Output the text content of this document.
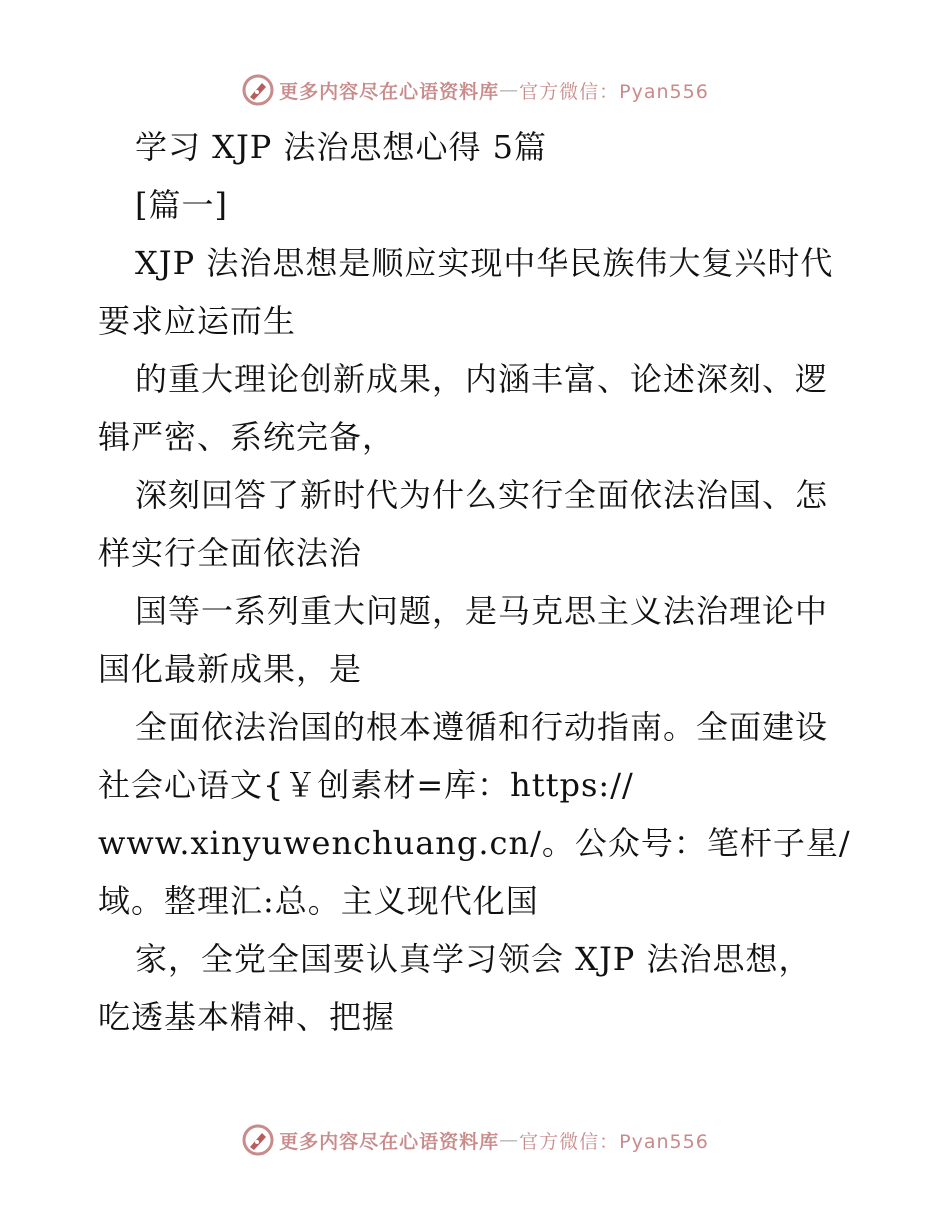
更多内容尽在心语资料库 — 官方微信：Pyan556
学习 XJP 法治思想心得 5篇
[篇一]
XJP 法治思想是顺应实现中华民族伟大复兴时代
要求应运而生
的重大理论创新成果，内涵丰富、论述深刻、逻
辑严密、系统完备，
深刻回答了新时代为什么实行全面依法治国、怎
样实行全面依法治
国等一系列重大问题，是马克思主义法治理论中
国化最新成果，是
全面依法治国的根本遵循和行动指南。全面建设
社会心语文{￥创素材=库：https://
www.xinyuwenchuang.cn/。公众号：笔杆子星/
域。整理汇:总。主义现代化国
家，全党全国要认真学习领会 XJP 法治思想，
吃透基本精神、把握
更多内容尽在心语资料库 — 官方微信：Pyan556
